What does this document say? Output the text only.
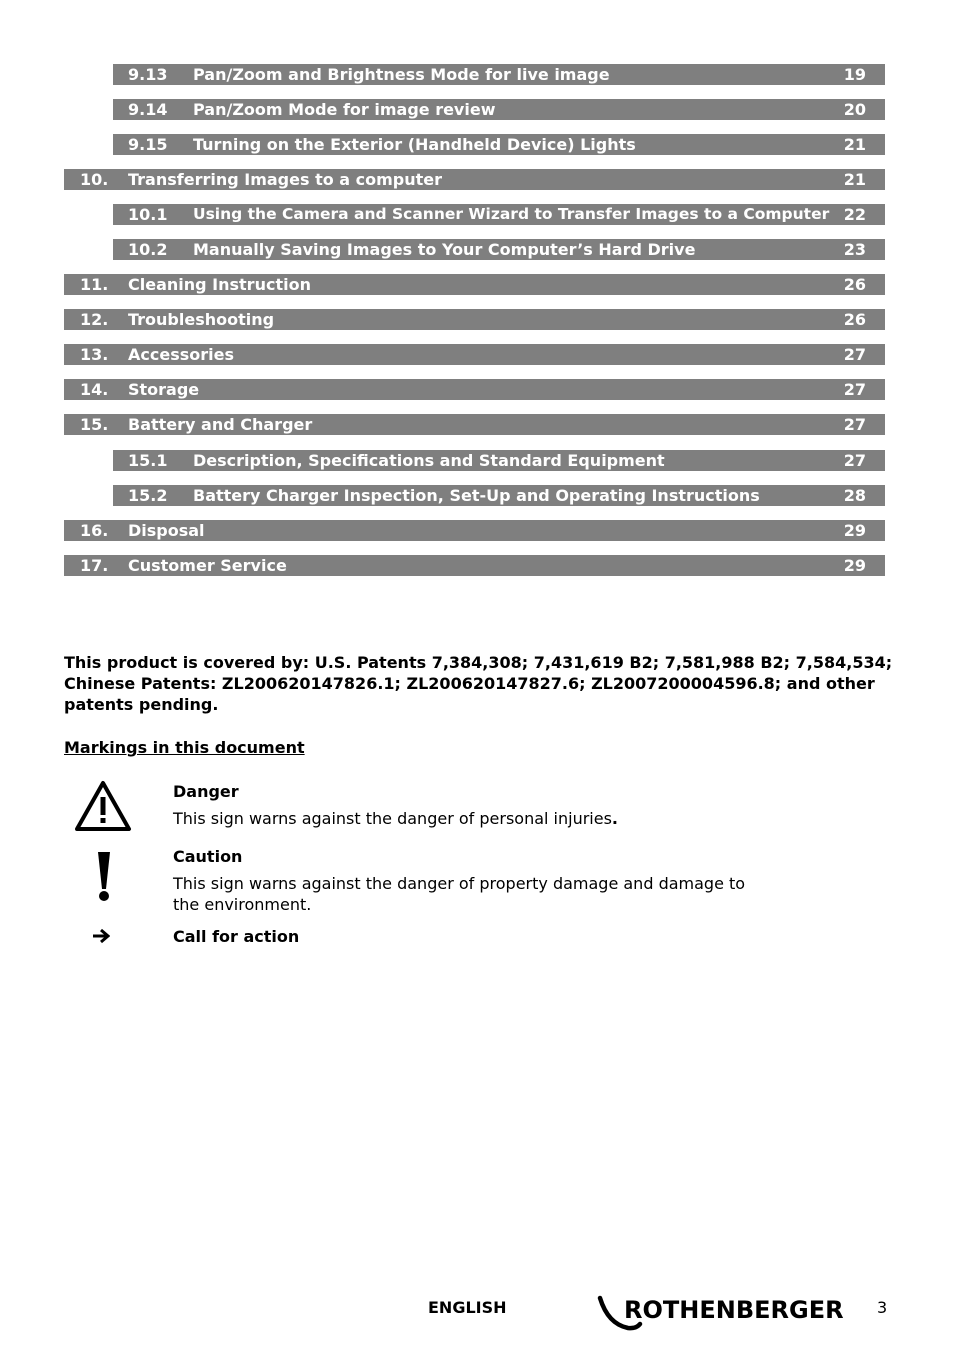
9.13 Pan/Zoom and Brightness Mode for live image	19
9.14 Pan/Zoom Mode for image review	20
9.15 Turning on the Exterior (Handheld Device) Lights	21
10. Transferring Images to a computer	21
10.1 Using the Camera and Scanner Wizard to Transfer Images to a Computer 22
10.2 Manually Saving Images to Your Computer’s Hard Drive	23
11. Cleaning Instruction	26
12. Troubleshooting	26
13. Accessories	27
14. Storage	27
15. Battery and Charger	27
15.1 Description, Specifications and Standard Equipment	27
15.2 Battery Charger Inspection, Set-Up and Operating Instructions	28
16. Disposal	29
17. Customer Service	29
This product is covered by: U.S. Patents 7,384,308; 7,431,619 B2; 7,581,988 B2; 7,584,534; Chinese Patents: ZL200620147826.1; ZL200620147827.6; ZL2007200004596.8; and other patents pending.
Markings in this document
Danger
This sign warns against the danger of personal injuries.
Caution
This sign warns against the danger of property damage and damage to the environment.
Call for action
ENGLISH	ROTHENBERGER 3
